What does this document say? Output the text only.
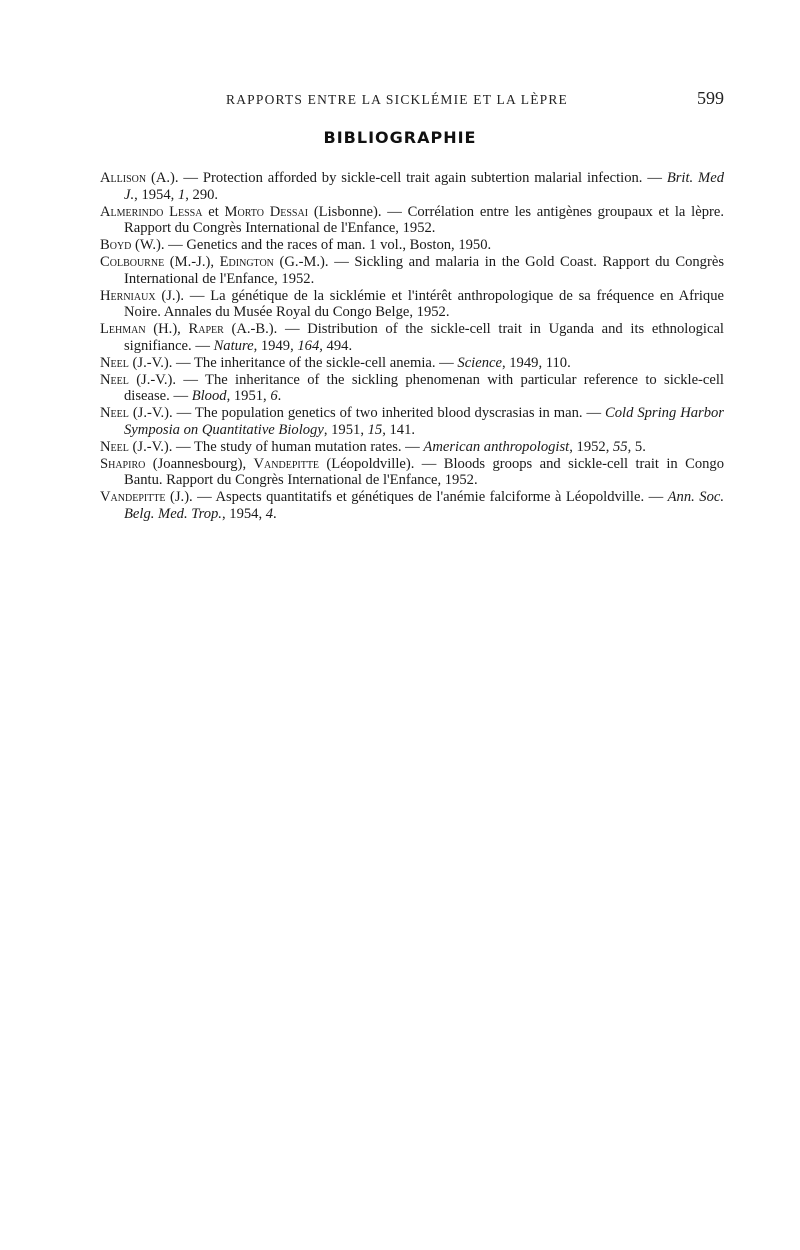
RAPPORTS ENTRE LA SICKLÉMIE ET LA LÈPRE	599
BIBLIOGRAPHIE
Allison (A.). — Protection afforded by sickle-cell trait again subtertion malarial infection. — Brit. Med J., 1954, 1, 290.
Almerindo Lessa et Morto Dessai (Lisbonne). — Corrélation entre les antigènes groupaux et la lèpre. Rapport du Congrès International de l'Enfance, 1952.
Boyd (W.). — Genetics and the races of man. 1 vol., Boston, 1950.
Colbourne (M.-J.), Edington (G.-M.). — Sickling and malaria in the Gold Coast. Rapport du Congrès International de l'Enfance, 1952.
Herniaux (J.). — La génétique de la sicklémie et l'intérêt anthropologique de sa fréquence en Afrique Noire. Annales du Musée Royal du Congo Belge, 1952.
Lehman (H.), Raper (A.-B.). — Distribution of the sickle-cell trait in Uganda and its ethnological signifiance. — Nature, 1949, 164, 494.
Neel (J.-V.). — The inheritance of the sickle-cell anemia. — Science, 1949, 110.
Neel (J.-V.). — The inheritance of the sickling phenomenan with particular reference to sickle-cell disease. — Blood, 1951, 6.
Neel (J.-V.). — The population genetics of two inherited blood dyscrasias in man. — Cold Spring Harbor Symposia on Quantitative Biology, 1951, 15, 141.
Neel (J.-V.). — The study of human mutation rates. — American anthropologist, 1952, 55, 5.
Shapiro (Joannesbourg), Vandepitte (Léopoldville). — Bloods groops and sickle-cell trait in Congo Bantu. Rapport du Congrès International de l'Enfance, 1952.
Vandepitte (J.). — Aspects quantitatifs et génétiques de l'anémie falciforme à Léopoldville. — Ann. Soc. Belg. Med. Trop., 1954, 4.
